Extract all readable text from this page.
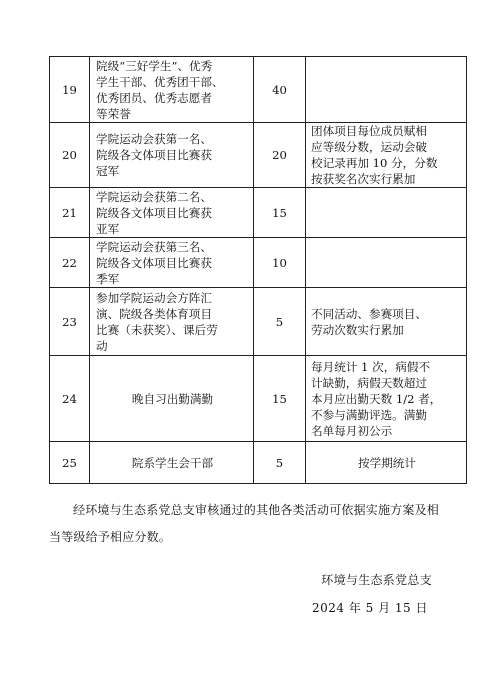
19	院级“三好学生”、优秀
学生干部、优秀团干部、
优秀团员、优秀志愿者
等荣誉	40	
20	学院运动会获第一名、
院级各文体项目比赛获
冠军	20	团体项目每位成员赋相
应等级分数，运动会破
校记录再加 10 分，分数
按获奖名次实行累加

21	学院运动会获第二名、
院级各文体项目比赛获
亚军	15	
22	学院运动会获第三名、
院级各文体项目比赛获
季军	10	
23	参加学院运动会方阵汇
演、院级各类体育项目
比赛（未获奖）、课后劳
动	5	不同活动、参赛项目、
劳动次数实行累加

24	晚自习出勤满勤	15	每月统计 1 次，病假不
计缺勤，病假天数超过
本月应出勤天数 1/2 者，
不参与满勤评选。满勤
名单每月初公示

25	院系学生会干部	5	按学期统计
经环境与生态系党总支审核通过的其他各类活动可依据实施方案及相当等级给予相应分数。
环境与生态系党总支
2024 年 5 月 15 日
